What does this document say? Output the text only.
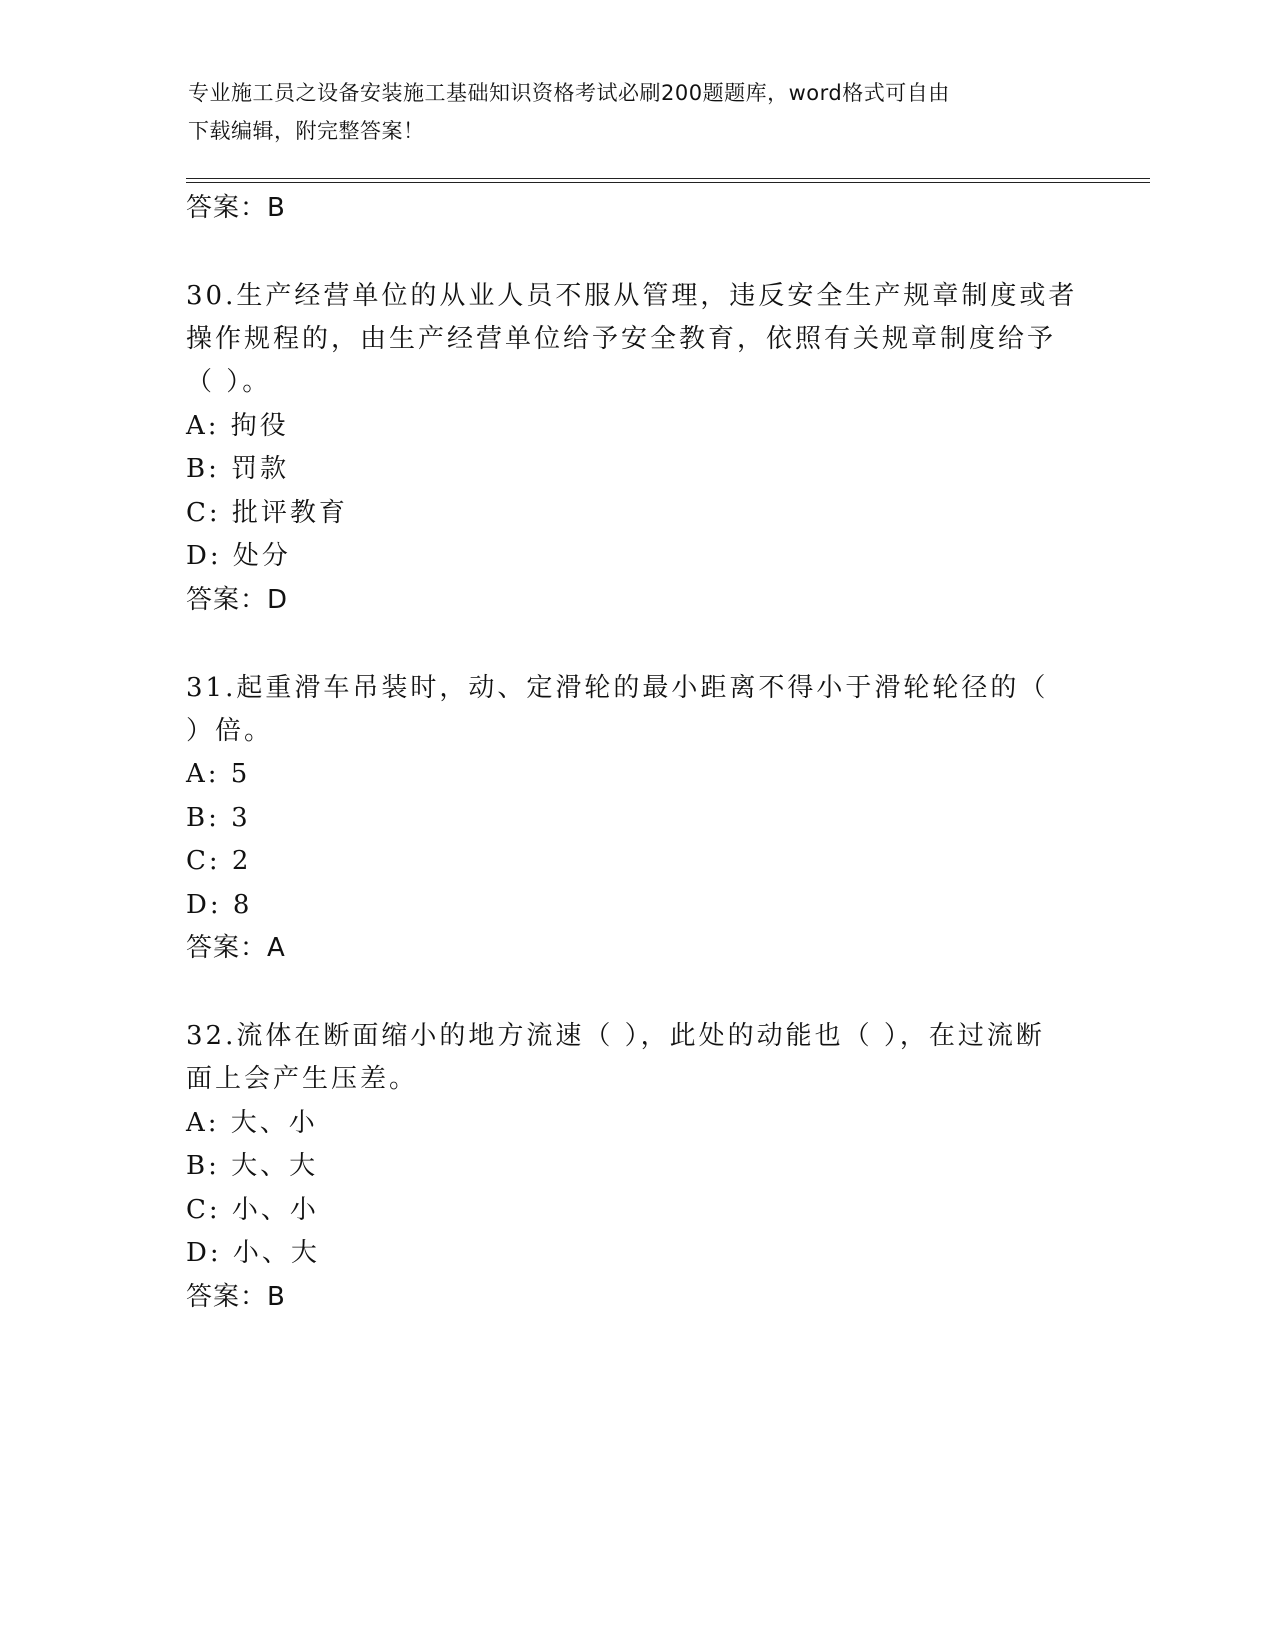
专业施工员之设备安装施工基础知识资格考试必刷200题题库，word格式可自由
下载编辑，附完整答案！
答案：B
30.生产经营单位的从业人员不服从管理，违反安全生产规章制度或者
操作规程的，由生产经营单位给予安全教育，依照有关规章制度给予
（ ）。
A: 拘役
B: 罚款
C: 批评教育
D: 处分
答案：D
31.起重滑车吊装时，动、定滑轮的最小距离不得小于滑轮轮径的（
）倍。
A: 5
B: 3
C: 2
D: 8
答案：A
32.流体在断面缩小的地方流速（ ），此处的动能也（ ），在过流断
面上会产生压差。
A: 大、小
B: 大、大
C: 小、小
D: 小、大
答案：B
